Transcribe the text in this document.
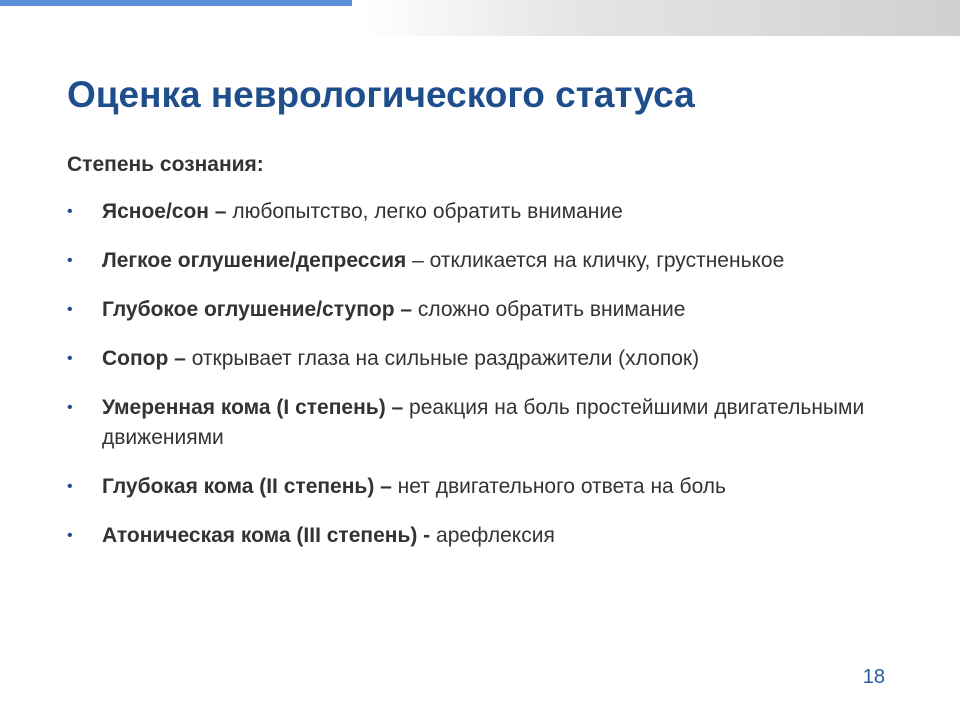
Оценка неврологического статуса
Степень сознания:
• Ясное/сон – любопытство, легко обратить внимание
• Легкое оглушение/депрессия – откликается на кличку, грустненькое
• Глубокое оглушение/ступор – сложно обратить внимание
• Сопор – открывает глаза на сильные раздражители (хлопок)
• Умеренная кома (I степень) – реакция на боль простейшими двигательными движениями
• Глубокая кома (II степень) – нет двигательного ответа на боль
• Атоническая кома (III степень) - арефлексия
18
